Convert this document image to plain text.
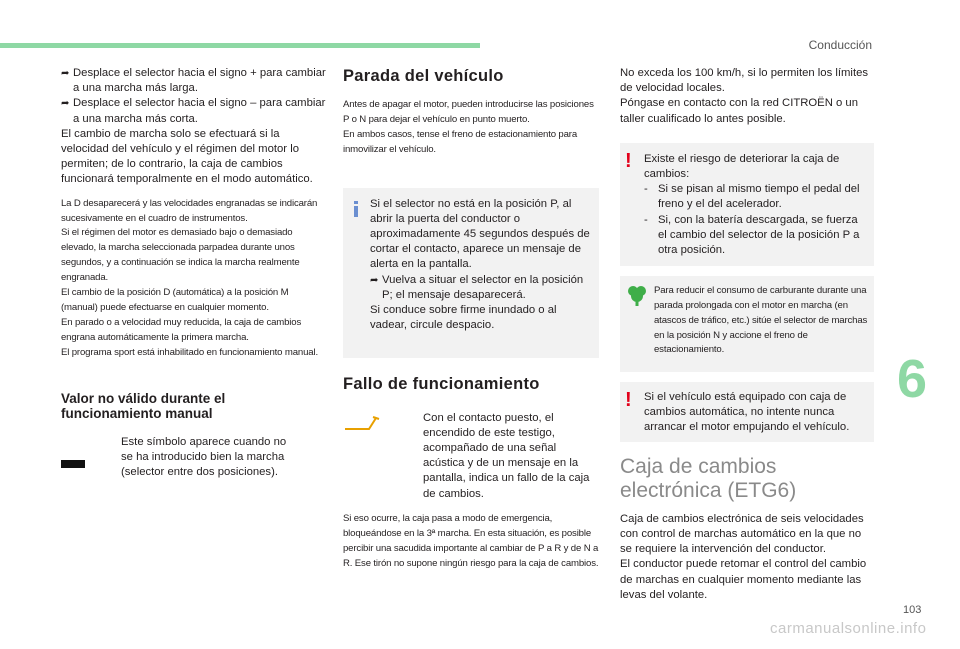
Conducción
6
103
carmanualsonline.info
➦ Desplace el selector hacia el signo + para cambiar a una marcha más larga.
➦ Desplace el selector hacia el signo – para cambiar a una marcha más corta.

El cambio de marcha solo se efectuará si la velocidad del vehículo y el régimen del motor lo permiten; de lo contrario, la caja de cambios funcionará temporalmente en el modo automático.

La D desaparecerá y las velocidades engranadas se indicarán sucesivamente en el cuadro de instrumentos.
Si el régimen del motor es demasiado bajo o demasiado elevado, la marcha seleccionada parpadea durante unos segundos, y a continuación se indica la marcha realmente engranada.
El cambio de la posición D (automática) a la posición M (manual) puede efectuarse en cualquier momento.
En parado o a velocidad muy reducida, la caja de cambios engrana automáticamente la primera marcha.
El programa sport está inhabilitado en funcionamiento manual.

Valor no válido durante el funcionamiento manual

Este símbolo aparece cuando no se ha introducido bien la marcha (selector entre dos posiciones).

Parada del vehículo

Antes de apagar el motor, pueden introducirse las posiciones P o N para dejar el vehículo en punto muerto.
En ambos casos, tense el freno de estacionamiento para inmovilizar el vehículo.

Si el selector no está en la posición P, al abrir la puerta del conductor o aproximadamente 45 segundos después de cortar el contacto, aparece un mensaje de alerta en la pantalla.

➦ Vuelva a situar el selector en la posición P; el mensaje desaparecerá.

Si conduce sobre firme inundado o al vadear, circule despacio.

Fallo de funcionamiento

Con el contacto puesto, el encendido de este testigo, acompañado de una señal acústica y de un mensaje en la pantalla, indica un fallo de la caja de cambios.

Si eso ocurre, la caja pasa a modo de emergencia, bloqueándose en la 3ª marcha. En esta situación, es posible percibir una sacudida importante al cambiar de P a R y de N a R. Ese tirón no supone ningún riesgo para la caja de cambios.

No exceda los 100 km/h, si lo permiten los límites de velocidad locales.
Póngase en contacto con la red CITROËN o un taller cualificado lo antes posible.

! Existe el riesgo de deteriorar la caja de cambios:

- Si se pisan al mismo tiempo el pedal del freno y el del acelerador.
- Si, con la batería descargada, se fuerza el cambio del selector de la posición P a otra posición.

Para reducir el consumo de carburante durante una parada prolongada con el motor en marcha (en atascos de tráfico, etc.) sitúe el selector de marchas en la posición N y accione el freno de estacionamiento.

! Si el vehículo está equipado con caja de cambios automática, no intente nunca arrancar el motor empujando el vehículo.

Caja de cambios electrónica (ETG6)

Caja de cambios electrónica de seis velocidades con control de marchas automático en la que no se requiere la intervención del conductor.
El conductor puede retomar el control del cambio de marchas en cualquier momento mediante las levas del volante.
